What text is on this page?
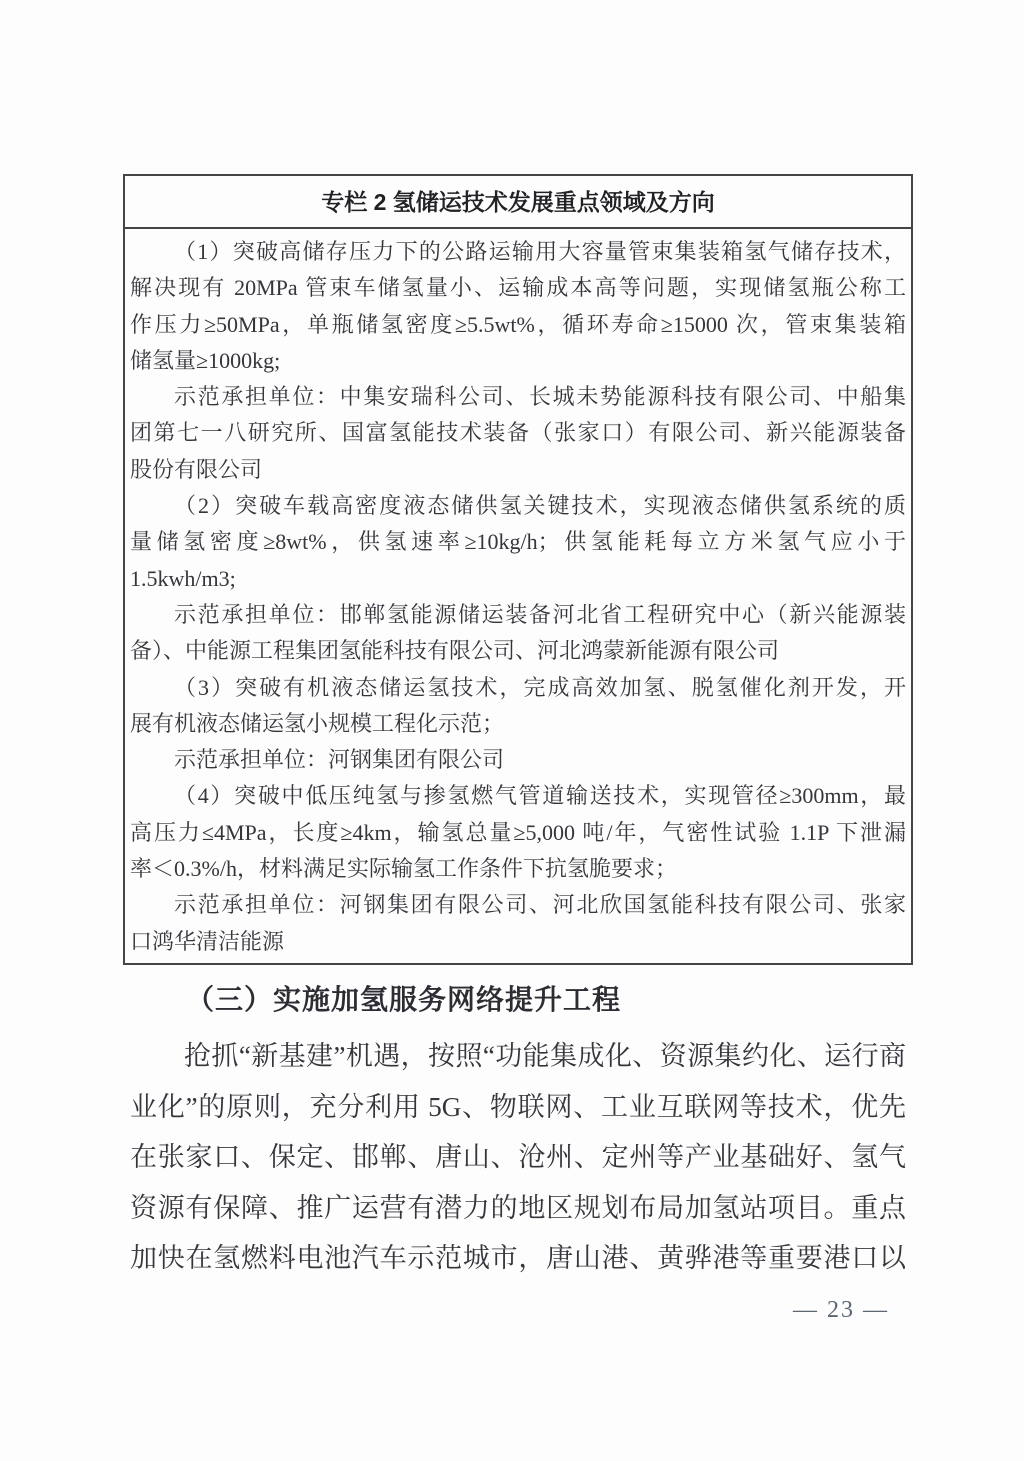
专栏 2 氢储运技术发展重点领域及方向
（1）突破高储存压力下的公路运输用大容量管束集装箱氢气储存技术，
解决现有 20MPa 管束车储氢量小、运输成本高等问题，实现储氢瓶公称工
作压力≥50MPa，单瓶储氢密度≥5.5wt%，循环寿命≥15000 次，管束集装箱
储氢量≥1000kg;
示范承担单位：中集安瑞科公司、长城未势能源科技有限公司、中船集
团第七一八研究所、国富氢能技术装备（张家口）有限公司、新兴能源装备
股份有限公司
（2）突破车载高密度液态储供氢关键技术，实现液态储供氢系统的质
量储氢密度≥8wt%，供氢速率≥10kg/h；供氢能耗每立方米氢气应小于
1.5kwh/m3;
示范承担单位：邯郸氢能源储运装备河北省工程研究中心（新兴能源装
备）、中能源工程集团氢能科技有限公司、河北鸿蒙新能源有限公司
（3）突破有机液态储运氢技术，完成高效加氢、脱氢催化剂开发，开
展有机液态储运氢小规模工程化示范；
示范承担单位：河钢集团有限公司
（4）突破中低压纯氢与掺氢燃气管道输送技术，实现管径≥300mm，最
高压力≤4MPa，长度≥4km，输氢总量≥5,000 吨/年，气密性试验 1.1P 下泄漏
率＜0.3%/h，材料满足实际输氢工作条件下抗氢脆要求；
示范承担单位：河钢集团有限公司、河北欣国氢能科技有限公司、张家
口鸿华清洁能源
（三）实施加氢服务网络提升工程
抢抓“新基建”机遇，按照“功能集成化、资源集约化、运行商
业化”的原则，充分利用 5G、物联网、工业互联网等技术，优先
在张家口、保定、邯郸、唐山、沧州、定州等产业基础好、氢气
资源有保障、推广运营有潜力的地区规划布局加氢站项目。重点
加快在氢燃料电池汽车示范城市，唐山港、黄骅港等重要港口以
— 23 —
